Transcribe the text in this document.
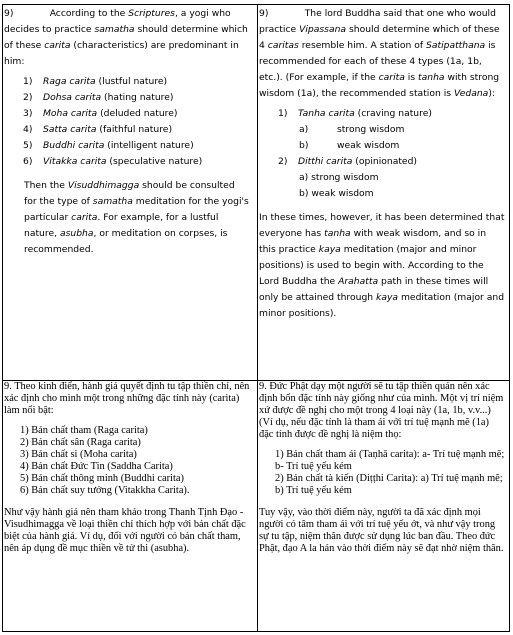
9)	According to the Scriptures, a yogi who decides to practice samatha should determine which of these carita (characteristics) are predominant in him:

1) Raga carita (lustful nature)
2) Dohsa carita (hating nature)
3) Moha carita (deluded nature)
4) Satta carita (faithful nature)
5) Buddhi carita (intelligent nature)
6) Vitakka carita (speculative nature)

Then the Visuddhimagga should be consulted for the type of samatha meditation for the yogi's particular carita. For example, for a lustful nature, asubha, or meditation on corpses, is recommended.

9)	The lord Buddha said that one who would practice Vipassana should determine which of these 4 caritas resemble him. A station of Satipatthana is recommended for each of these 4 types (1a, 1b, etc.). (For example, if the carita is tanha with strong wisdom (1a), the recommended station is Vedana):

1) Tanha carita (craving nature)
a)	strong wisdom
b)	weak wisdom
2) Ditthi carita (opinionated)
a) strong wisdom
b) weak wisdom

In these times, however, it has been determined that everyone has tanha with weak wisdom, and so in this practice kaya meditation (major and minor positions) is used to begin with. According to the Lord Buddha the Arahatta path in these times will only be attained through kaya meditation (major and minor positions).

9. Theo kinh điển, hành giả quyết định tu tập thiền chỉ, nên xác định cho mình một trong những đặc tính này (carita) làm nổi bật:

1) Bản chất tham (Raga carita)
2) Bản chất sân (Raga carita)
3) Bản chất si (Moha carita)
4) Bản chất Đức Tin (Saddha Carita)
5) Bản chất thông minh (Buddhi carita)
6) Bản chất suy tưởng (Vitakkha Carita).

Như vậy hành giả nên tham khảo trong Thanh Tịnh Đạo - Visudhimagga về loại thiền chỉ thích hợp với bản chất đặc biệt của hành giả. Ví dụ, đối với người có bản chất tham, nên áp dụng đề mục thiền về tử thi (asubha).

9. Đức Phật dạy một người sẽ tu tập thiền quán nên xác định bốn đặc tính này giống như của mình. Một vị trí niệm xứ được đề nghị cho một trong 4 loại này (1a, 1b, v.v...) (Ví dụ, nếu đặc tính là tham ái với trí tuệ mạnh mẽ (1a) đặc tính được đề nghị là niệm thọ:

1) Bản chất tham ái (Taṇhā carita): a- Trí tuệ mạnh mẽ; b- Trí tuệ yếu kém
2) Bản chất tà kiến (Diṭṭhi Carita): a) Trí tuệ mạnh mẽ; b) Trí tuệ yếu kém

Tuy vậy, vào thời điểm này, người ta đã xác định mọi người có tâm tham ái với trí tuệ yếu ớt, và như vậy trong sự tu tập, niệm thân được sử dụng lúc ban đầu. Theo đức Phật, đạo A la hán vào thời điểm này sẽ đạt nhờ niệm thân.
